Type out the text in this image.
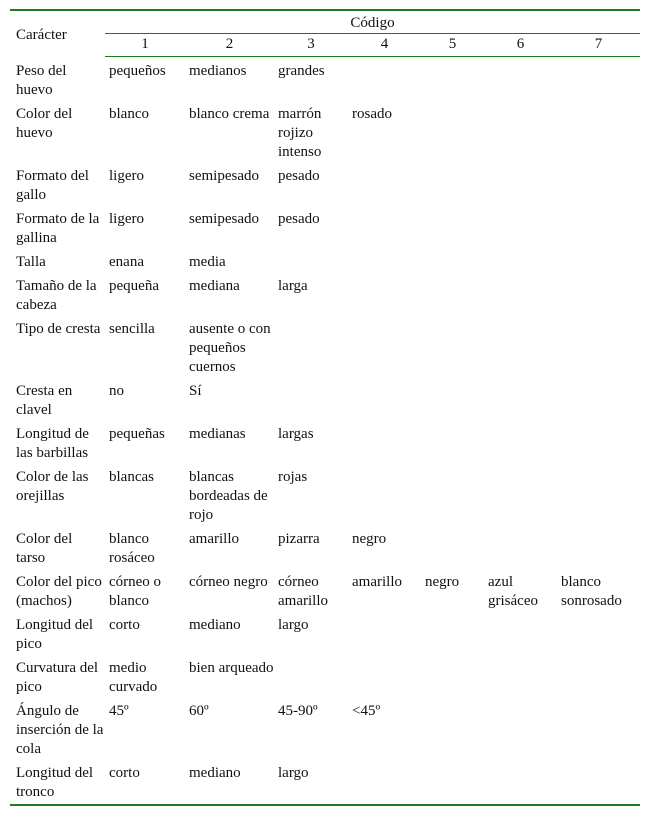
Carácter	Código						
	1	2	3	4	5	6	7
Peso del huevo	pequeños	medianos	grandes				
Color del huevo	blanco	blanco crema	marrón rojizo intenso	rosado			
Formato del gallo	ligero	semipesado	pesado				
Formato de la gallina	ligero	semipesado	pesado				
Talla	enana	media					
Tamaño de la cabeza	pequeña	mediana	larga				
Tipo de cresta	sencilla	ausente o con pequeños cuernos					
Cresta en clavel	no	Sí					
Longitud de las barbillas	pequeñas	medianas	largas				
Color de las orejillas	blancas	blancas bordeadas de rojo	rojas				
Color del tarso	blanco rosáceo	amarillo	pizarra	negro			
Color del pico (machos)	córneo o blanco	córneo negro	córneo amarillo	amarillo	negro	azul grisáceo	blanco sonrosado
Longitud del pico	corto	mediano	largo				
Curvatura del pico	medio curvado	bien arqueado					
Ángulo de inserción de la cola	45º	60º	45-90º	<45º			
Longitud del tronco	corto	mediano	largo				
